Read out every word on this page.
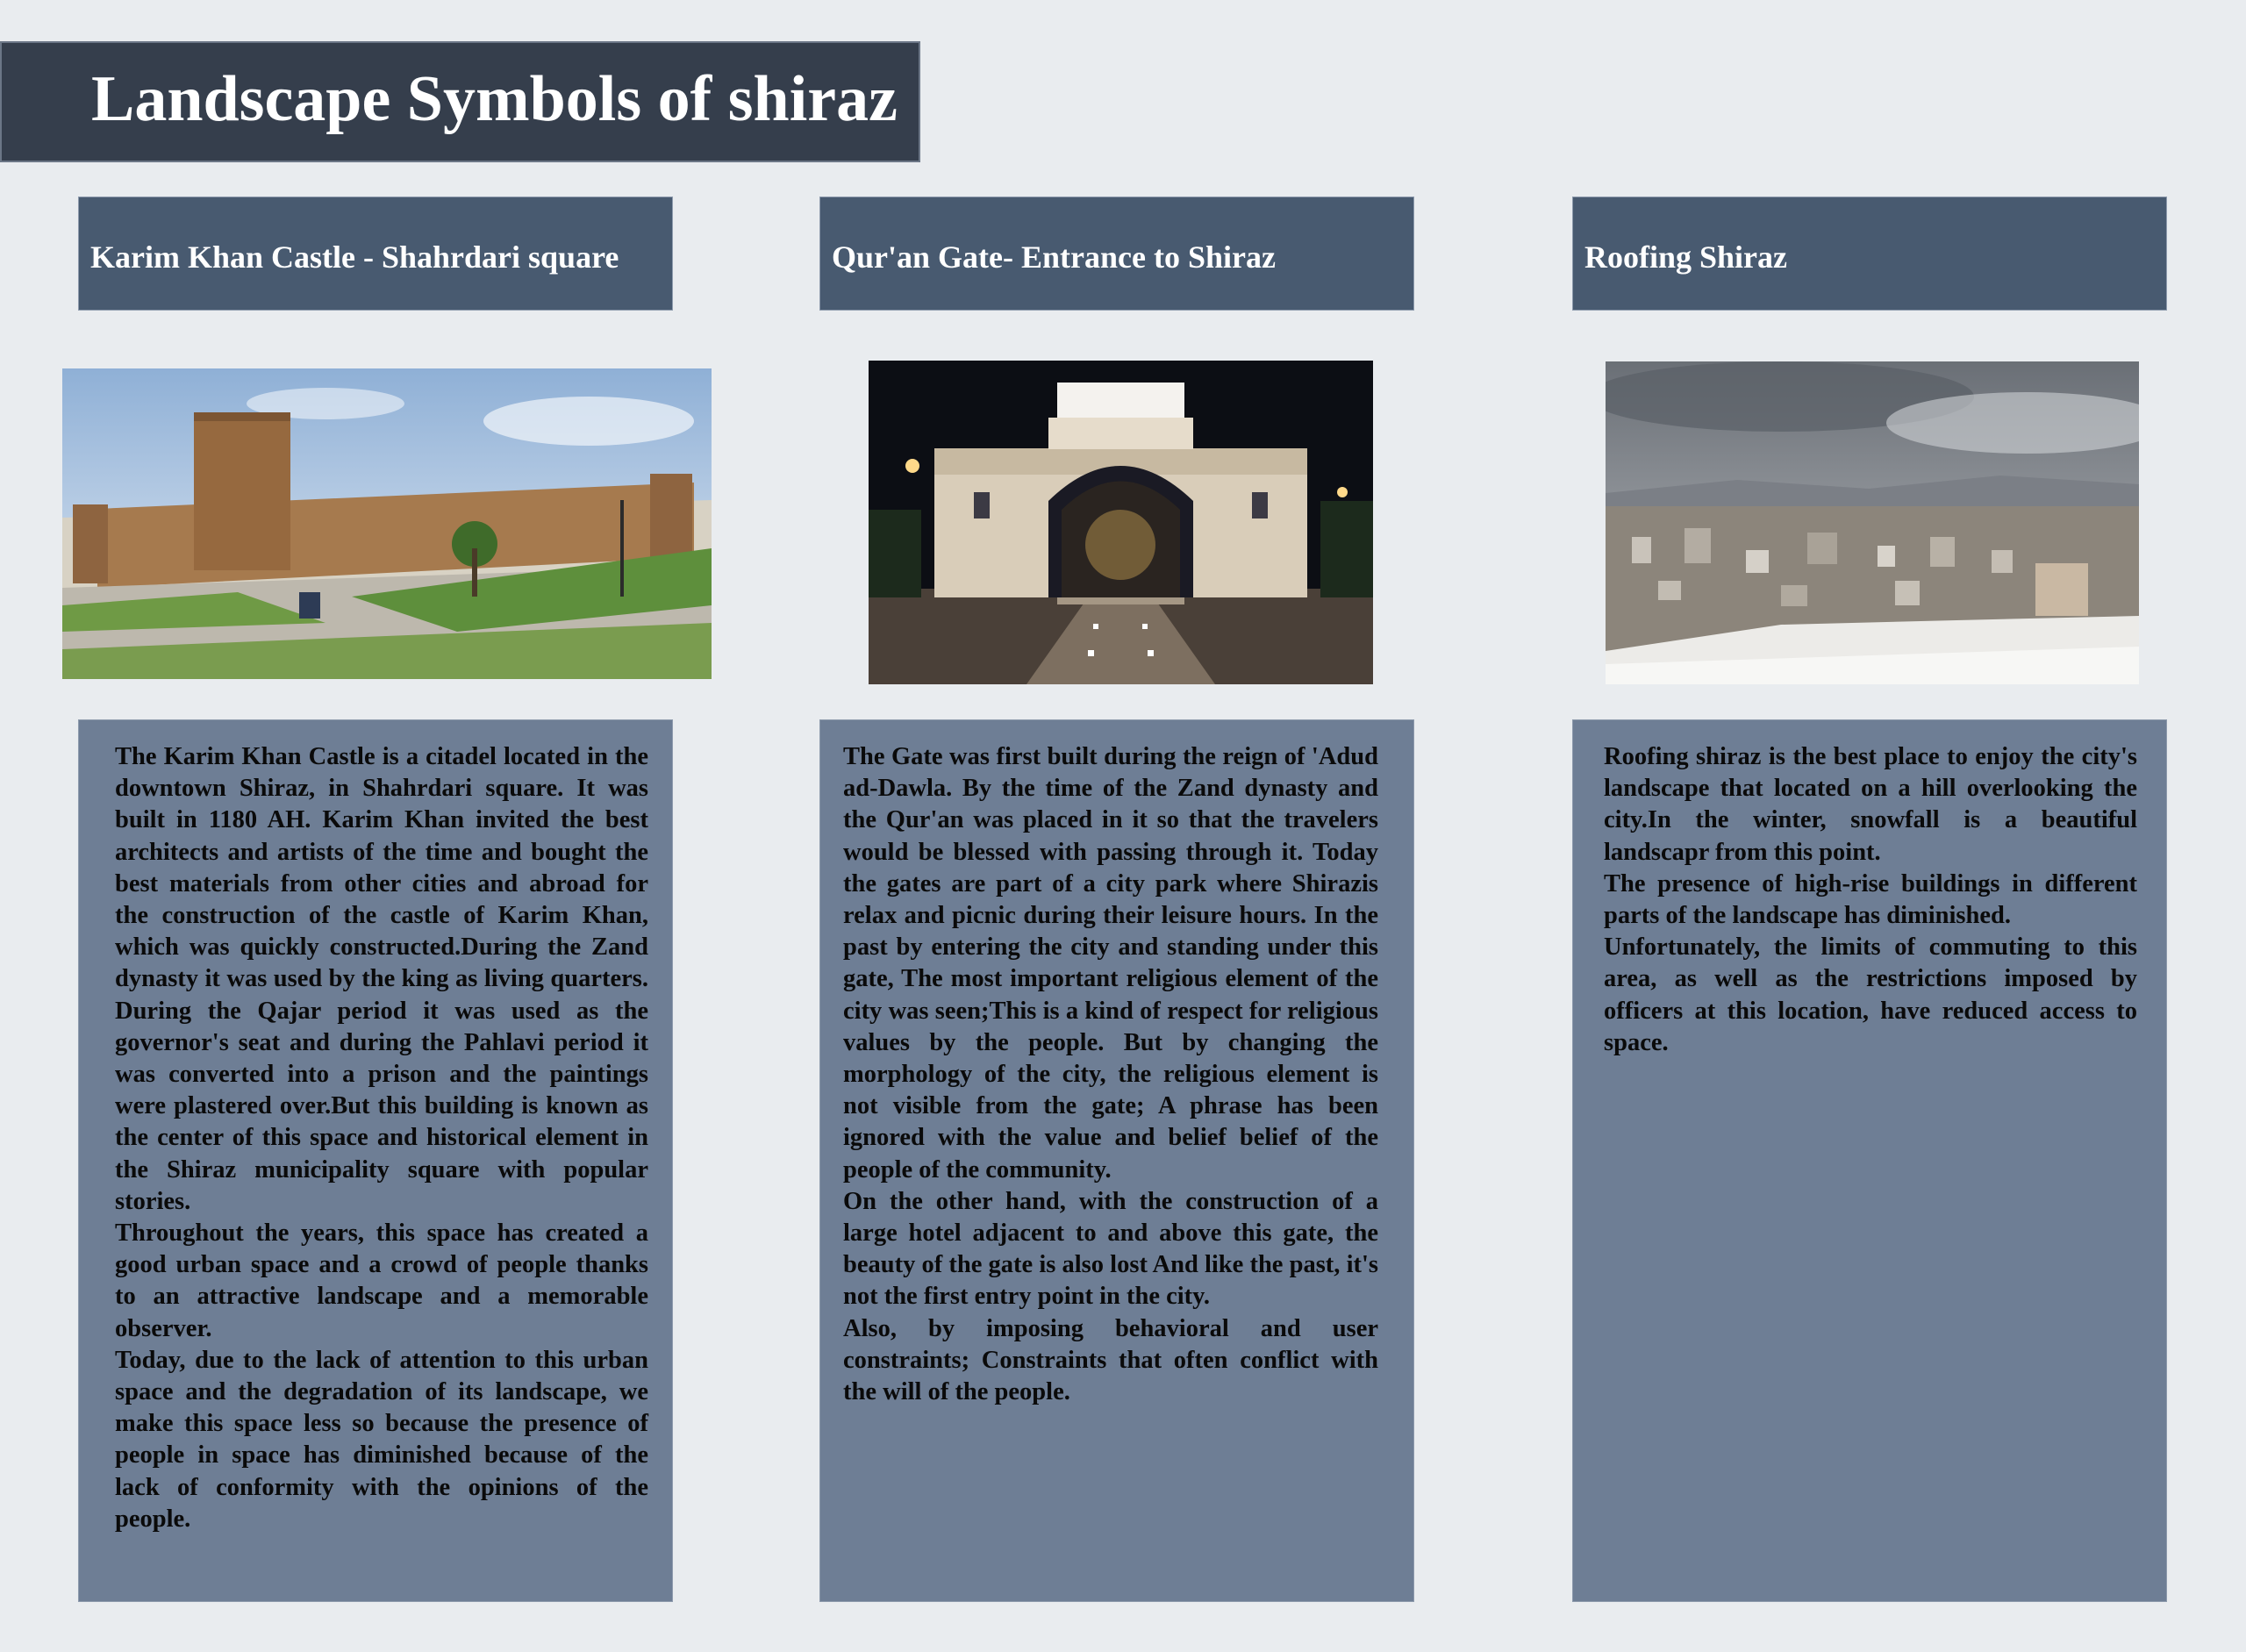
Landscape Symbols of shiraz
Karim Khan Castle - Shahrdari square	Qur'an Gate- Entrance to Shiraz	Roofing Shiraz

The Karim Khan Castle is a citadel located in the downtown Shiraz, in Shahrdari square. It was built in 1180 AH. Karim Khan invited the best architects and artists of the time and bought the best materials from other cities and abroad for the construction of the castle of Karim Khan, which was quickly constructed.During the Zand dynasty it was used by the king as living quarters. During the Qajar period it was used as the governor's seat and during the Pahlavi period it was converted into a prison and the paintings were plastered over.But this building is known as the center of this space and historical element in the Shiraz municipality square with popular stories.

Throughout the years, this space has created a good urban space and a crowd of people thanks to an attractive landscape and a memorable observer.

Today, due to the lack of attention to this urban space and the degradation of its landscape, we make this space less so because the presence of people in space has diminished because of the lack of conformity with the opinions of the people.

The Gate was first built during the reign of 'Adud ad-Dawla. By the time of the Zand dynasty and the Qur'an was placed in it so that the travelers would be blessed with passing through it. Today the gates are part of a city park where Shirazis relax and picnic during their leisure hours. In the past by entering the city and standing under this gate, The most important religious element of the city was seen;This is a kind of respect for religious values by the people. But by changing the morphology of the city, the religious element is not visible from the gate; A phrase has been ignored with the value and belief belief of the people of the community.

On the other hand, with the construction of a large hotel adjacent to and above this gate, the beauty of the gate is also lost And like the past, it's not the first entry point in the city.

Also, by imposing behavioral and user constraints; Constraints that often conflict with the will of the people.

Roofing shiraz is the best place to enjoy the city's landscape that located on a hill overlooking the city.In the winter, snowfall is a beautiful landscapr from this point.

The presence of high-rise buildings in different parts of the landscape has diminished.

Unfortunately, the limits of commuting to this area, as well as the restrictions imposed by officers at this location, have reduced access to space.
